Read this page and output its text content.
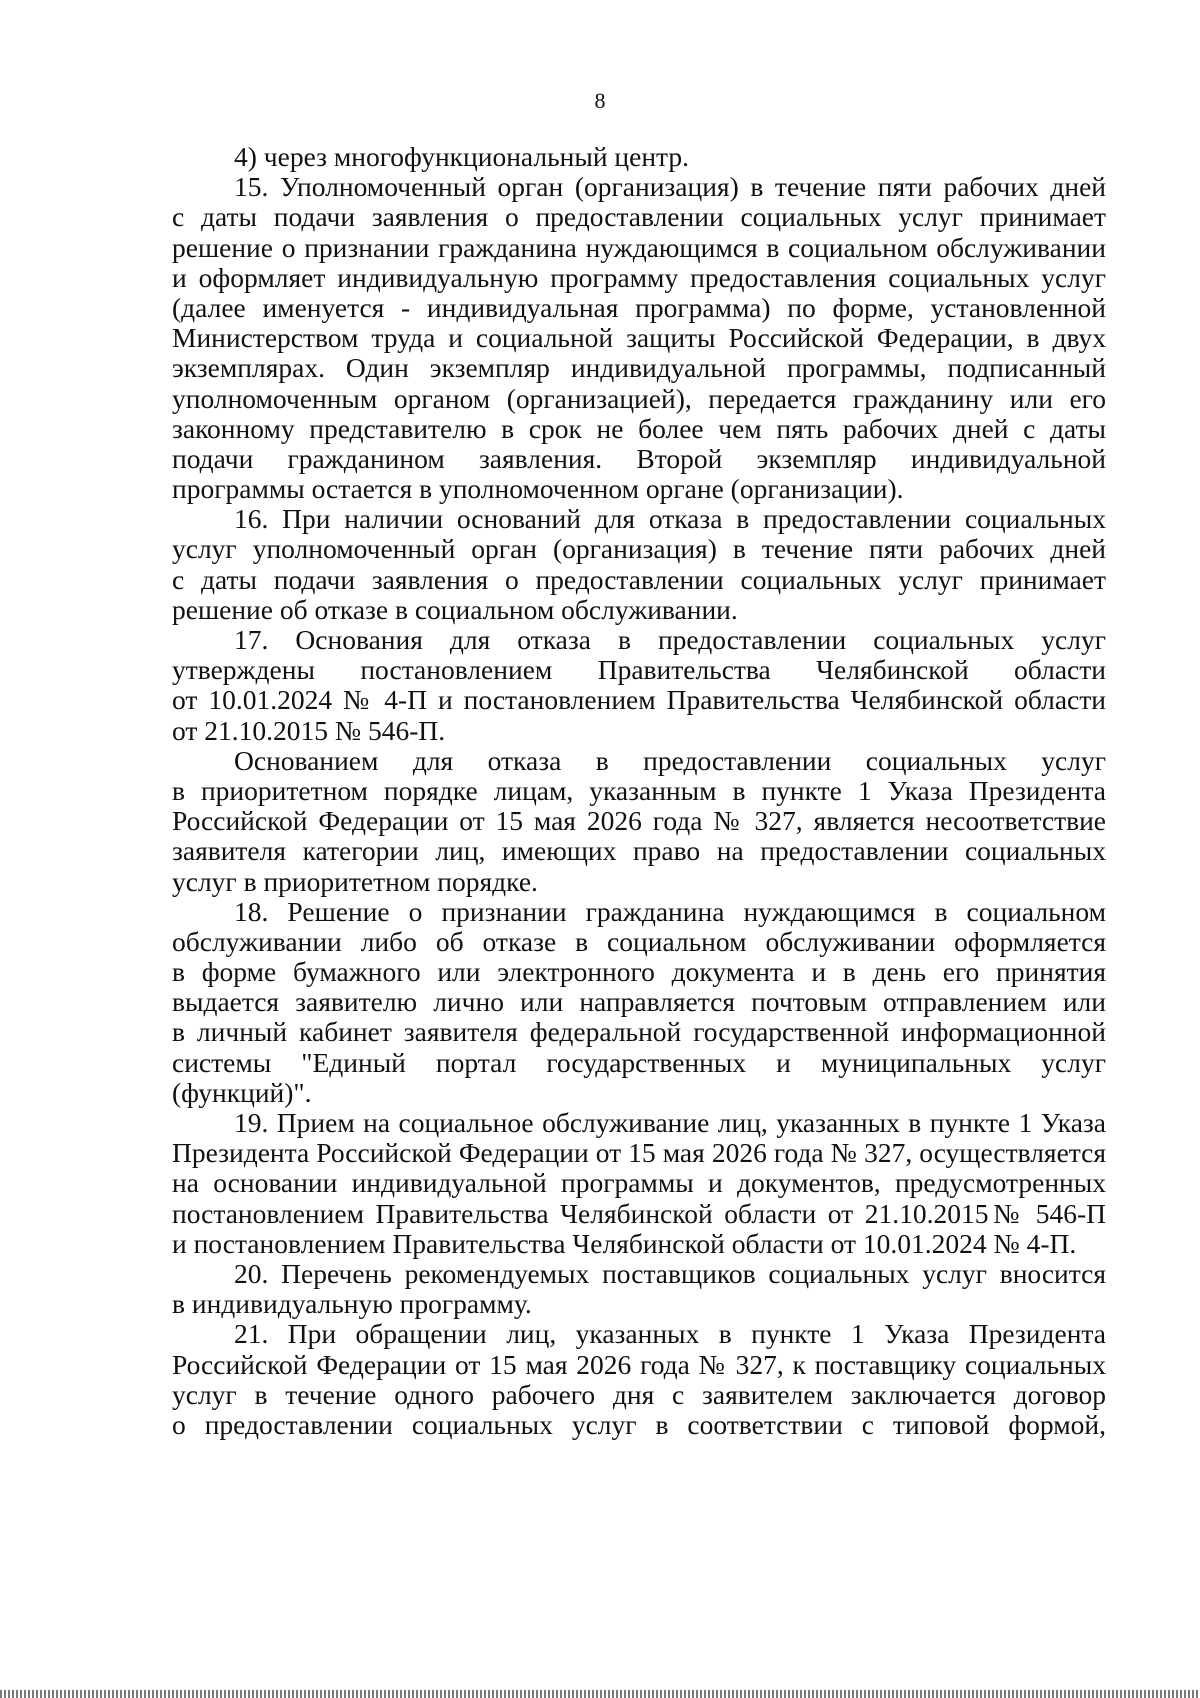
8
4) через многофункциональный центр.
15. Уполномоченный орган (организация) в течение пяти рабочих дней
с даты подачи заявления о предоставлении социальных услуг принимает
решение о признании гражданина нуждающимся в социальном обслуживании
и оформляет индивидуальную программу предоставления социальных услуг
(далее именуется - индивидуальная программа) по форме, установленной
Министерством труда и социальной защиты Российской Федерации, в двух
экземплярах. Один экземпляр индивидуальной программы, подписанный
уполномоченным органом (организацией), передается гражданину или его
законному представителю в срок не более чем пять рабочих дней с даты
подачи гражданином заявления. Второй экземпляр индивидуальной
программы остается в уполномоченном органе (организации).
16. При наличии оснований для отказа в предоставлении социальных
услуг уполномоченный орган (организация) в течение пяти рабочих дней
с даты подачи заявления о предоставлении социальных услуг принимает
решение об отказе в социальном обслуживании.
17. Основания для отказа в предоставлении социальных услуг
утверждены постановлением Правительства Челябинской области
от 10.01.2024 № 4-П и постановлением Правительства Челябинской области
от 21.10.2015 № 546-П.
Основанием для отказа в предоставлении социальных услуг
в приоритетном порядке лицам, указанным в пункте 1 Указа Президента
Российской Федерации от 15 мая 2026 года № 327, является несоответствие
заявителя категории лиц, имеющих право на предоставлении социальных
услуг в приоритетном порядке.
18. Решение о признании гражданина нуждающимся в социальном
обслуживании либо об отказе в социальном обслуживании оформляется
в форме бумажного или электронного документа и в день его принятия
выдается заявителю лично или направляется почтовым отправлением или
в личный кабинет заявителя федеральной государственной информационной
системы "Единый портал государственных и муниципальных услуг
(функций)".
19. Прием на социальное обслуживание лиц, указанных в пункте 1 Указа
Президента Российской Федерации от 15 мая 2026 года № 327, осуществляется
на основании индивидуальной программы и документов, предусмотренных
постановлением Правительства Челябинской области от 21.10.2015№ 546-П
и постановлением Правительства Челябинской области от 10.01.2024 № 4-П.
20. Перечень рекомендуемых поставщиков социальных услуг вносится
в индивидуальную программу.
21. При обращении лиц, указанных в пункте 1 Указа Президента
Российской Федерации от 15 мая 2026 года № 327, к поставщику социальных
услуг в течение одного рабочего дня с заявителем заключается договор
о предоставлении социальных услуг в соответствии с типовой формой,
